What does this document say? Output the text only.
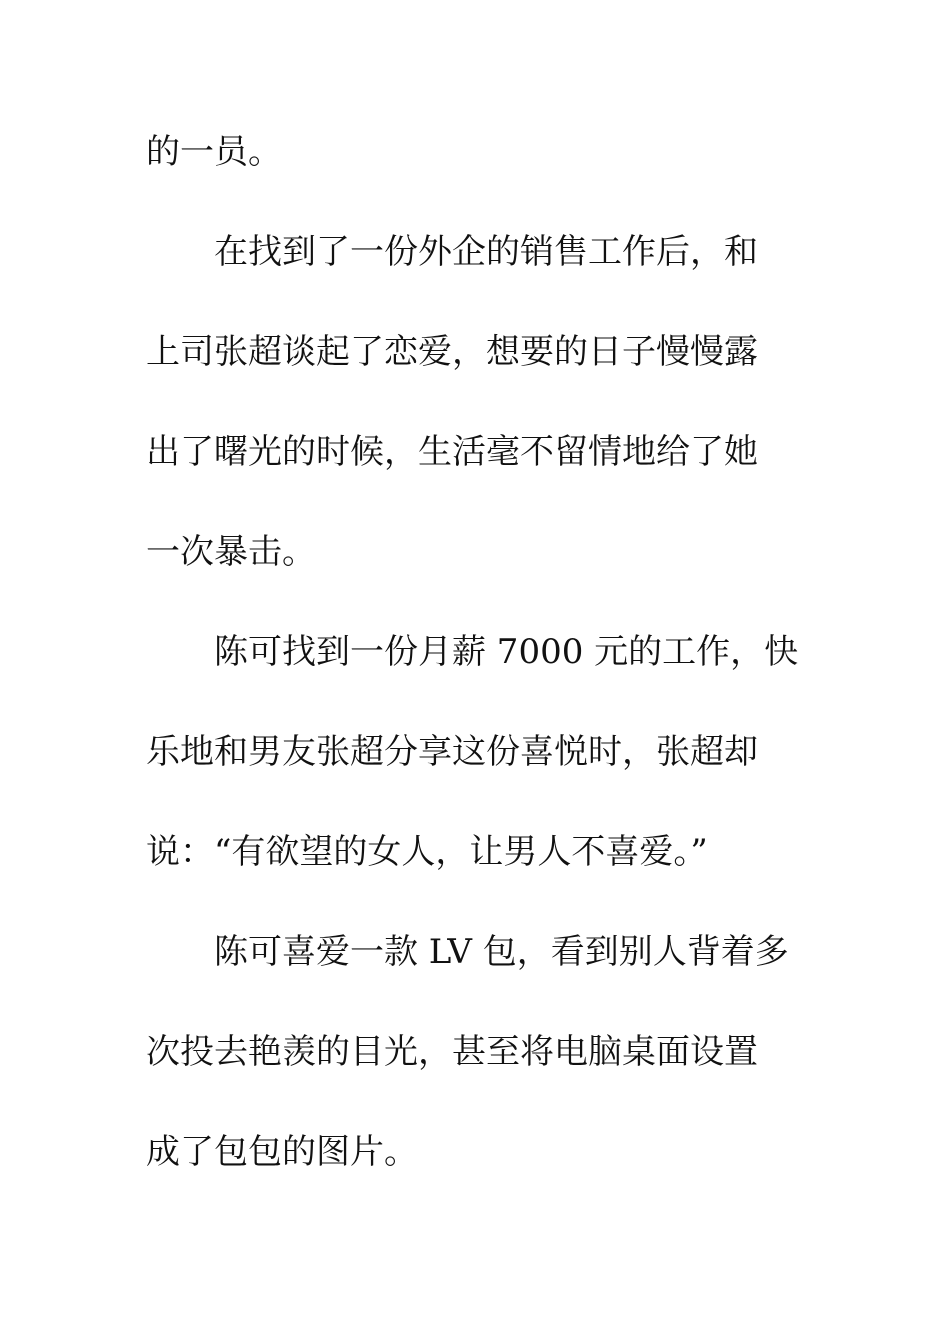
的一员。
在找到了一份外企的销售工作后，和
上司张超谈起了恋爱，想要的日子慢慢露
出了曙光的时候，生活毫不留情地给了她
一次暴击。
陈可找到一份月薪 7000 元的工作，快
乐地和男友张超分享这份喜悦时，张超却
说：“有欲望的女人，让男人不喜爱。”
陈可喜爱一款 LV 包，看到别人背着多
次投去艳羡的目光，甚至将电脑桌面设置
成了包包的图片。
